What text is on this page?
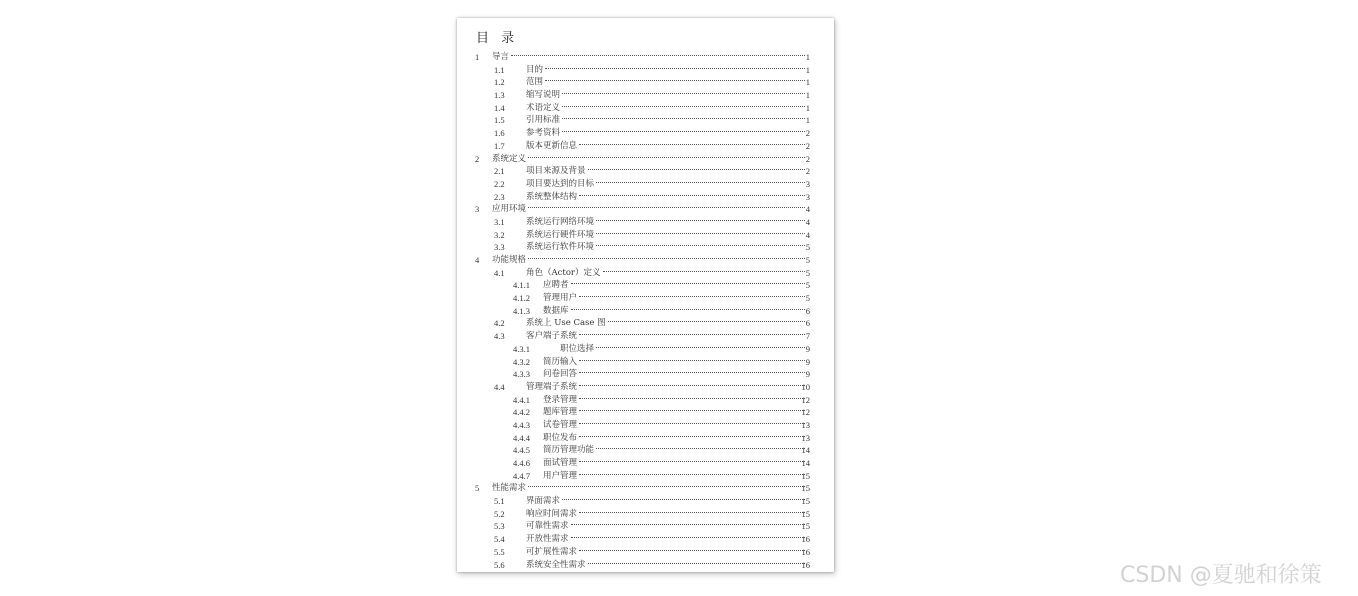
目 录
1 导言	1
1.1	目的	1
1.2	范围	1
1.3	缩写说明	1
1.4	术语定义	1
1.5	引用标准	1
1.6	参考资料	2
1.7	版本更新信息	2
2 系统定义	2
2.1	项目来源及背景	2
2.2	项目要达到的目标	3
2.3	系统整体结构	3
3 应用环境	4
3.1	系统运行网络环境	4
3.2	系统运行硬件环境	4
3.3	系统运行软件环境	5
4 功能规格	5
4.1	角色（Actor）定义	5
4.1.1 应聘者	5
4.1.2 管理用户	5
4.1.3 数据库	6
4.2	系统上 Use Case 图	6
4.3	客户端子系统	7
4.3.1	职位选择	9
4.3.2 简历输入	9
4.3.3 问卷回答	9
4.4	管理端子系统	10
4.4.1 登录管理	12
4.4.2 题库管理	12
4.4.3 试卷管理	13
4.4.4 职位发布	13
4.4.5 简历管理功能	14
4.4.6 面试管理	14
4.4.7 用户管理	15
5 性能需求	15
5.1	界面需求	15
5.2	响应时间需求	15
5.3	可靠性需求	15
5.4	开放性需求	16
5.5	可扩展性需求	16
5.6	系统安全性需求	16	CSDN @夏驰和徐策
